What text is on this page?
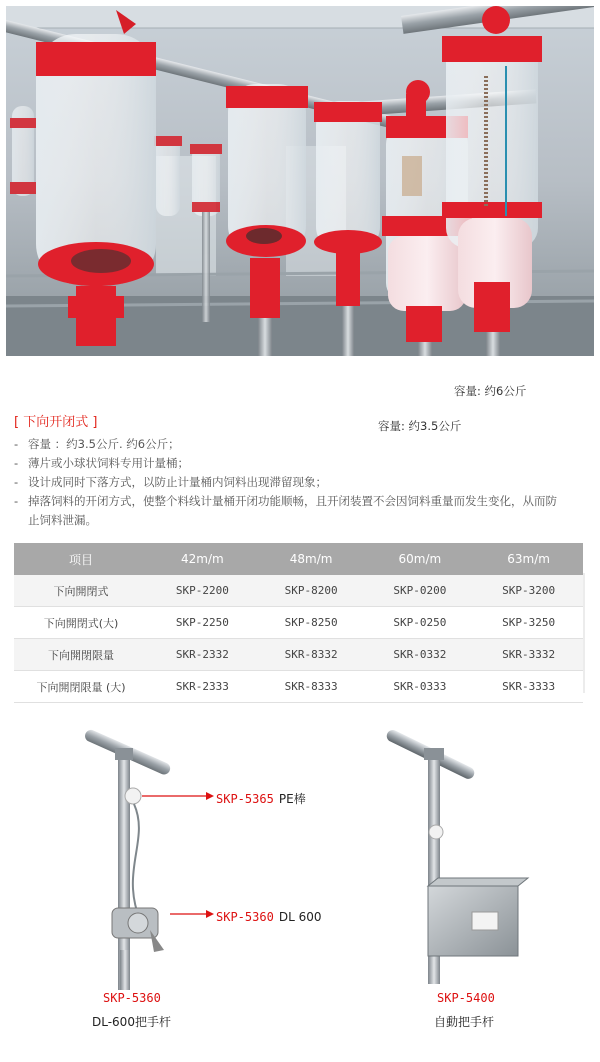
容量: 约6公斤
容量: 约3.5公斤
[ 下向开闭式 ]
- 容量 ：约3.5公斤. 约6公斤；
- 薄片或小球状饲料专用计量桶；
- 设计成同时下落方式，以防止计量桶内饲料出现滞留现象；
- 掉落饲料的开闭方式，使整个料线计量桶开闭功能顺畅，且开闭装置不会因饲料重量而发生变化，从而防止饲料泄漏。
项目	42m/m	48m/m	60m/m	63m/m
下向開閉式	SKP-2200	SKP-8200	SKP-0200	SKP-3200
下向開閉式(大)	SKP-2250	SKP-8250	SKP-0250	SKP-3250
下向開閉限量	SKR-2332	SKR-8332	SKR-0332	SKR-3332
下向開閉限量 (大)	SKR-2333	SKR-8333	SKR-0333	SKR-3333
SKP-5365 PE棒
SKP-5360 DL 600
SKP-5360
DL-600把手杆
SKP-5400
自動把手杆
